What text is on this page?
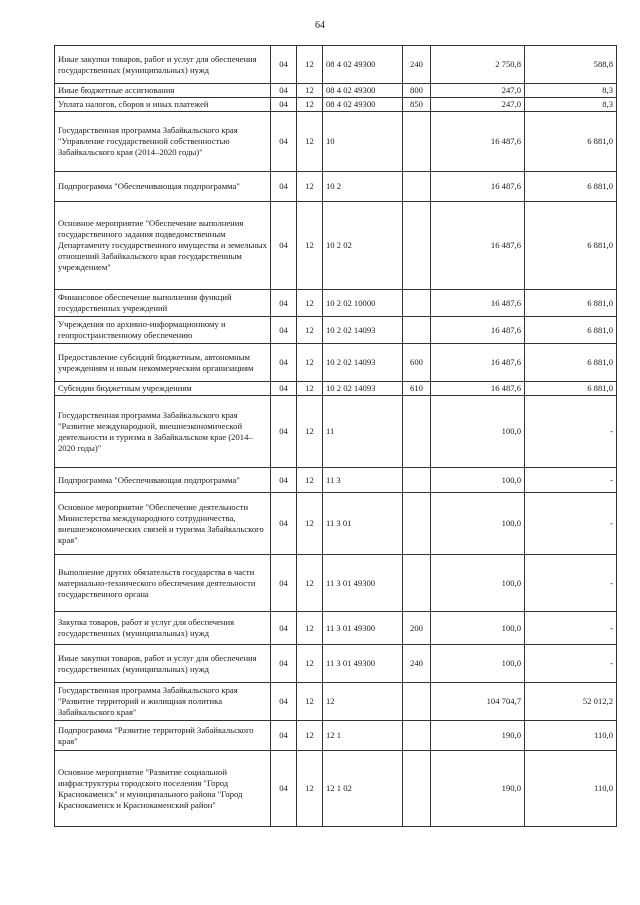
64
Иные закупки товаров, работ и услуг для обеспечения государственных (муниципальных) нужд	04	12	08 4 02 49300	240	2 750,8	588,8
Иные бюджетные ассигнования	04	12	08 4 02 49300	800	247,0	8,3
Уплата налогов, сборов и иных платежей	04	12	08 4 02 49300	850	247,0	8,3
Государственная программа Забайкальского края "Управление государственной собственностью Забайкальского края (2014–2020 годы)"	04	12	10		16 487,6	6 881,0
Подпрограмма "Обеспечивающая подпрограмма"	04	12	10 2		16 487,6	6 881,0
Основное мероприятие "Обеспечение выполнения государственного задания подведомственным Департаменту государственного имущества и земельных отношений Забайкальского края государственным учреждением"	04	12	10 2 02		16 487,6	6 881,0
Финансовое обеспечение выполнения функций государственных учреждений	04	12	10 2 02 10000		16 487,6	6 881,0
Учреждения по архивно-информационному и геопространственному обеспечению	04	12	10 2 02 14093		16 487,6	6 881,0
Предоставление субсидий бюджетным, автономным учреждениям и иным некоммерческим организациям	04	12	10 2 02 14093	600	16 487,6	6 881,0
Субсидии бюджетным учреждениям	04	12	10 2 02 14093	610	16 487,6	6 881,0
Государственная программа Забайкальского края "Развитие международной, внешнеэкономической деятельности и туризма в Забайкальском крае (2014–2020 годы)"	04	12	11		100,0	-
Подпрограмма "Обеспечивающая подпрограмма"	04	12	11 3		100,0	-
Основное мероприятие "Обеспечение деятельности Министерства международного сотрудничества, внешнеэкономических связей и туризма Забайкальского края"	04	12	11 3 01		100,0	-
Выполнение других обязательств государства в части материально-технического обеспечения деятельности государственного органа	04	12	11 3 01 49300		100,0	-
Закупка товаров, работ и услуг для обеспечения государственных (муниципальных) нужд	04	12	11 3 01 49300	200	100,0	-
Иные закупки товаров, работ и услуг для обеспечения государственных (муниципальных) нужд	04	12	11 3 01 49300	240	100,0	-
Государственная программа Забайкальского края "Развитие территорий и жилищная политика Забайкальского края"	04	12	12		104 704,7	52 012,2
Подпрограмма "Развитие территорий Забайкальского края"	04	12	12 1		190,0	110,0
Основное мероприятие "Развитие социальной инфраструктуры городского поселения "Город Краснокаменск" и муниципального района "Город Краснокаменск и Краснокаменский район"	04	12	12 1 02		190,0	110,0
